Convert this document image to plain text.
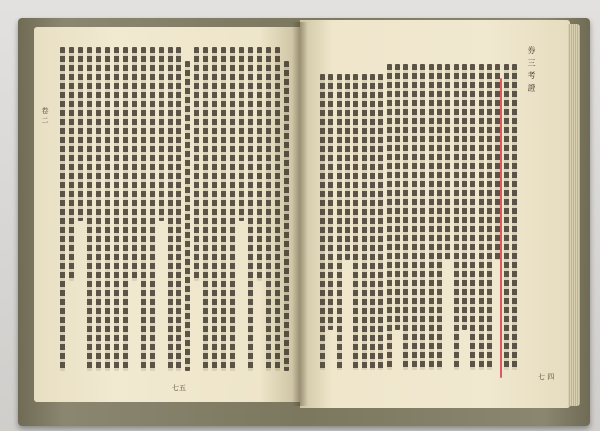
卷 二
七五
券 三 考 證
七 四
